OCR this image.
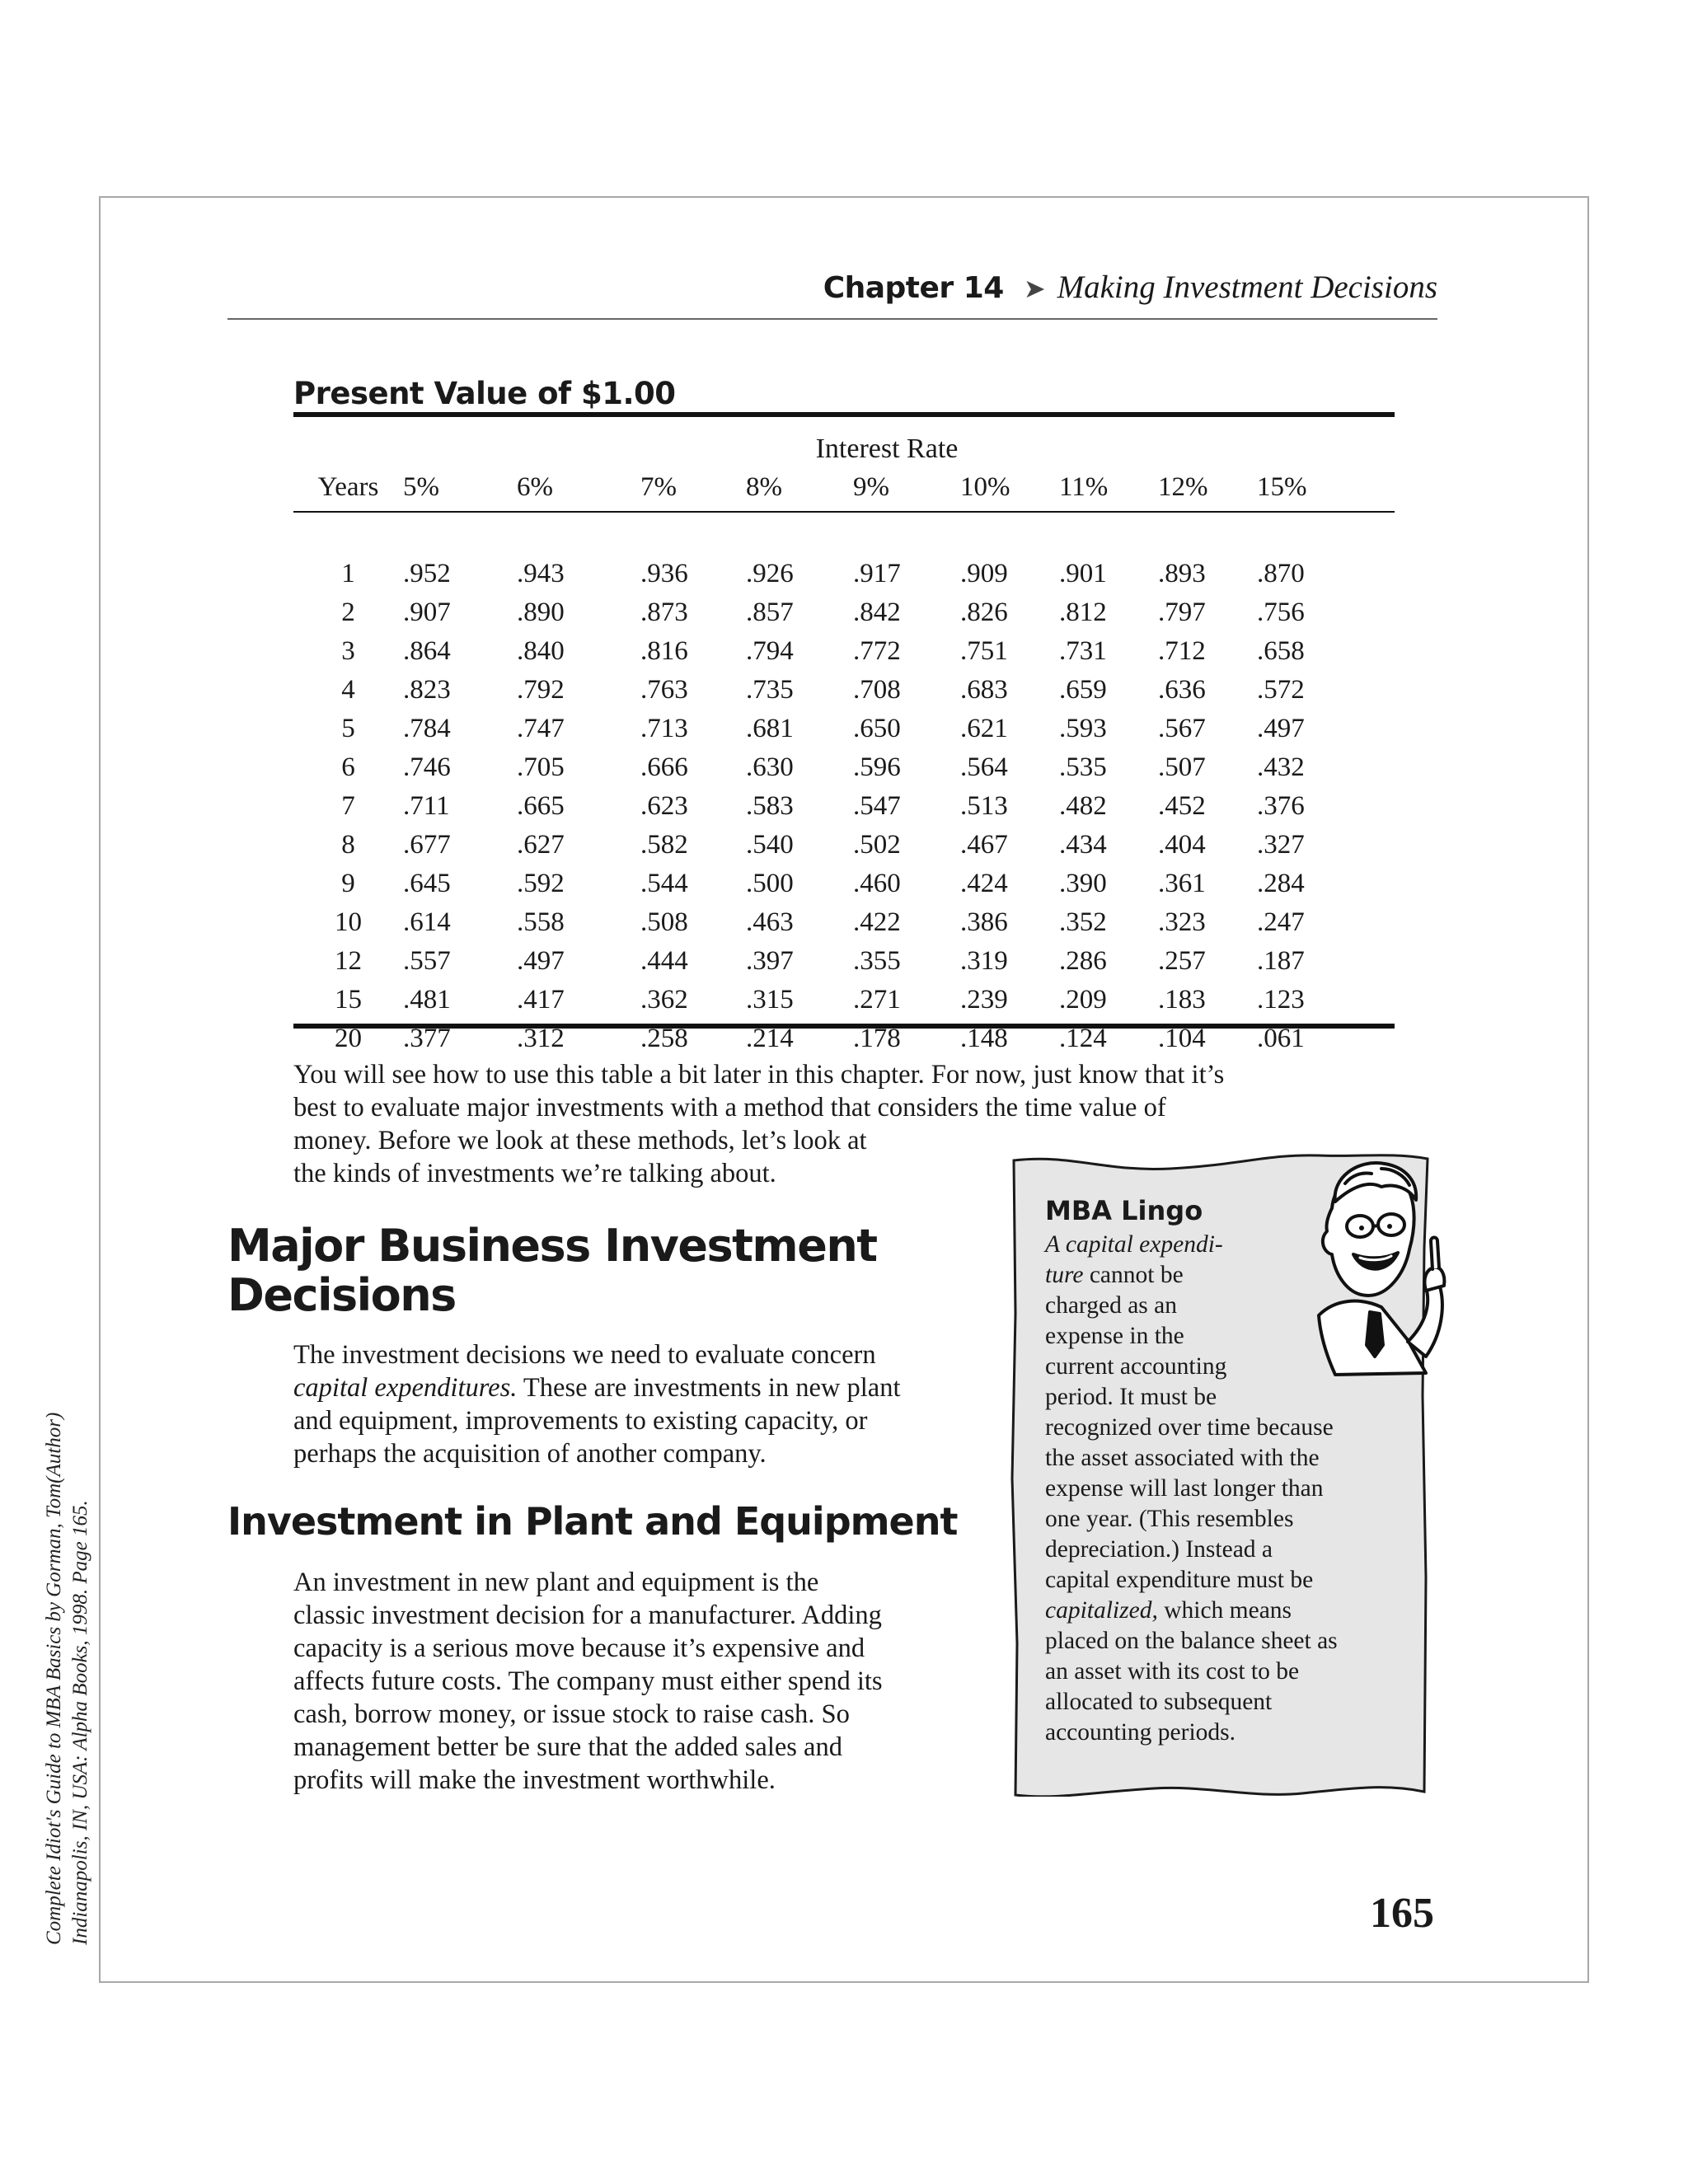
Complete Idiot's Guide to MBA Basics by Gorman, Tom(Author) Indianapolis, IN, USA: Alpha Books, 1998. Page 165.
Chapter 14 ➤ Making Investment Decisions
Present Value of $1.00
Interest Rate
Years	5%	6%	7%	8%	9%	10%	11%	12%	15%

1	.952	.943	.936	.926	.917	.909	.901	.893	.870
2	.907	.890	.873	.857	.842	.826	.812	.797	.756
3	.864	.840	.816	.794	.772	.751	.731	.712	.658
4	.823	.792	.763	.735	.708	.683	.659	.636	.572
5	.784	.747	.713	.681	.650	.621	.593	.567	.497
6	.746	.705	.666	.630	.596	.564	.535	.507	.432
7	.711	.665	.623	.583	.547	.513	.482	.452	.376
8	.677	.627	.582	.540	.502	.467	.434	.404	.327
9	.645	.592	.544	.500	.460	.424	.390	.361	.284
10	.614	.558	.508	.463	.422	.386	.352	.323	.247
12	.557	.497	.444	.397	.355	.319	.286	.257	.187
15	.481	.417	.362	.315	.271	.239	.209	.183	.123
20	.377	.312	.258	.214	.178	.148	.124	.104	.061
You will see how to use this table a bit later in this chapter. For now, just know that it’s
best to evaluate major investments with a method that considers the time value of
money. Before we look at these methods, let’s look at
the kinds of investments we’re talking about.
Major Business Investment
Decisions
The investment decisions we need to evaluate concern
capital expenditures. These are investments in new plant
and equipment, improvements to existing capacity, or
perhaps the acquisition of another company.
Investment in Plant and Equipment
An investment in new plant and equipment is the
classic investment decision for a manufacturer. Adding
capacity is a serious move because it’s expensive and
affects future costs. The company must either spend its
cash, borrow money, or issue stock to raise cash. So
management better be sure that the added sales and
profits will make the investment worthwhile.
MBA Lingo
A capital expendi-
ture cannot be
charged as an
expense in the
current accounting
period. It must be
recognized over time because
the asset associated with the
expense will last longer than
one year. (This resembles
depreciation.) Instead a
capital expenditure must be
capitalized, which means
placed on the balance sheet as
an asset with its cost to be
allocated to subsequent
accounting periods.
165
